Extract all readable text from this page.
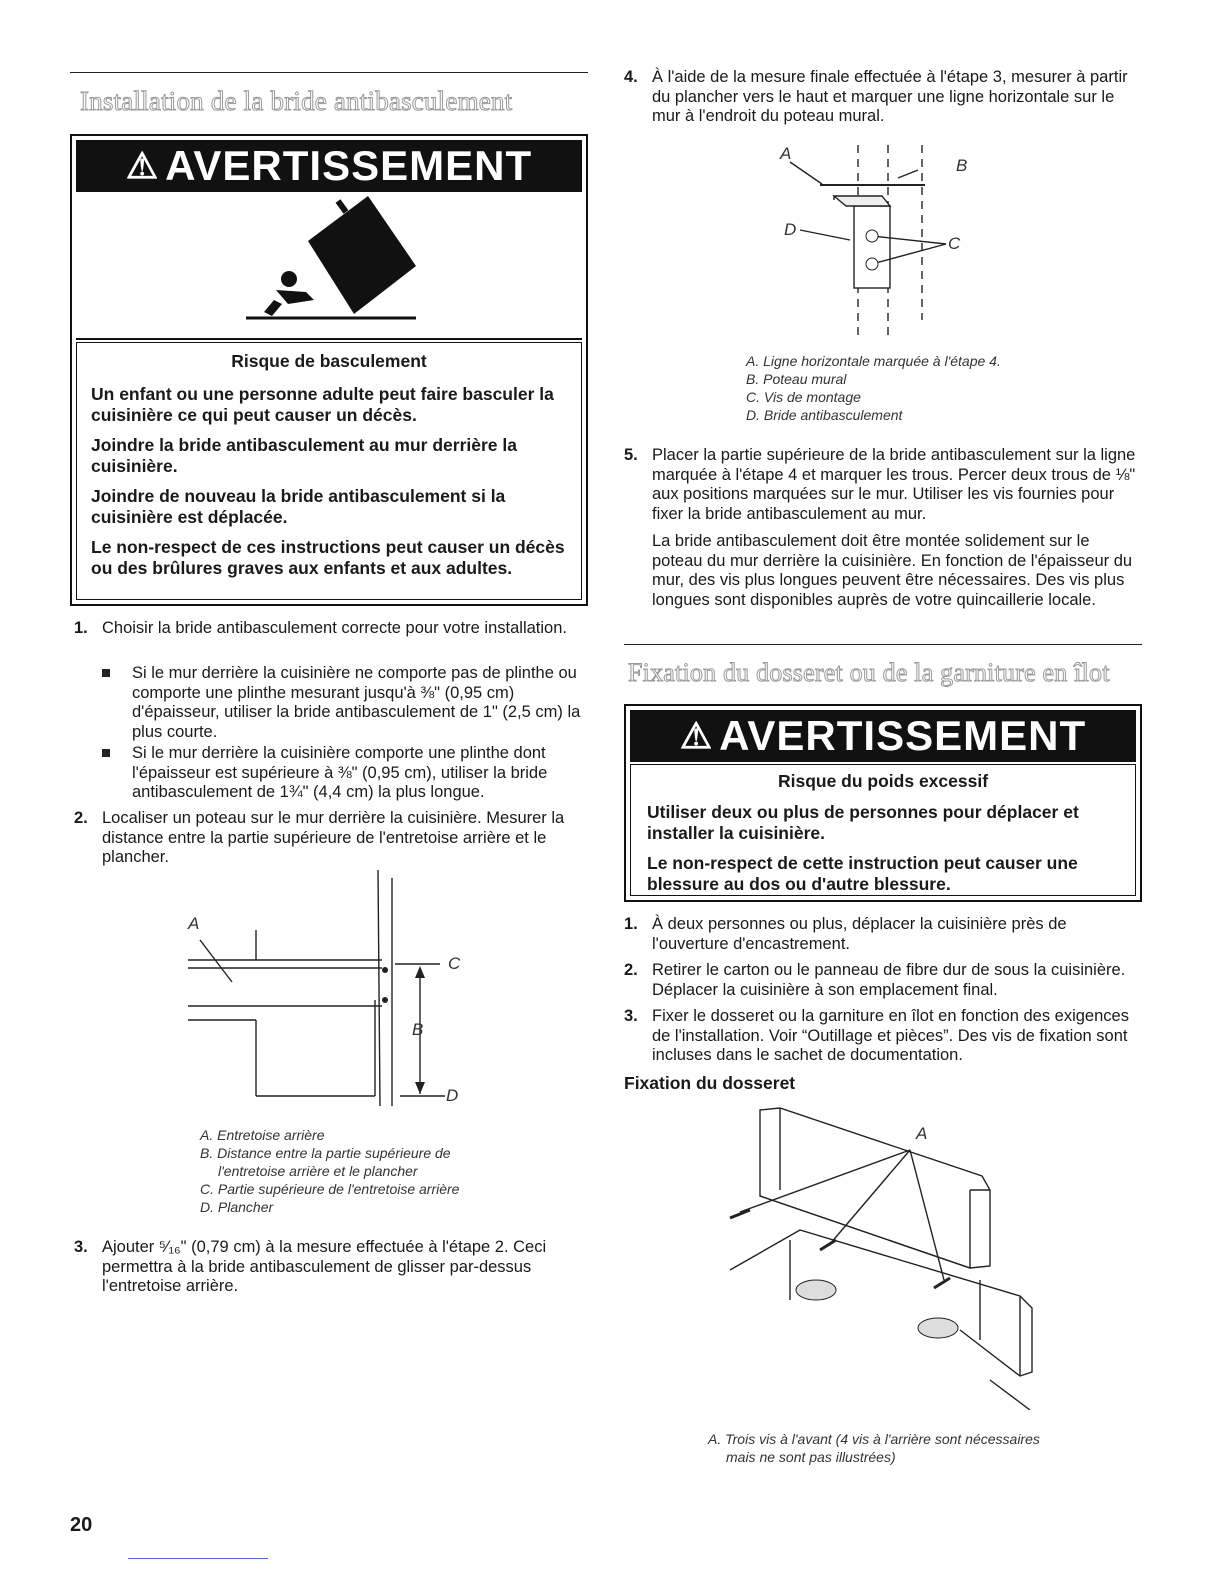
Installation de la bride antibasculement
⚠ AVERTISSEMENT
Risque de basculement

Un enfant ou une personne adulte peut faire basculer la cuisinière ce qui peut causer un décès.

Joindre la bride antibasculement au mur derrière la cuisinière.

Joindre de nouveau la bride antibasculement si la cuisinière est déplacée.

Le non-respect de ces instructions peut causer un décès ou des brûlures graves aux enfants et aux adultes.

1. Choisir la bride antibasculement correcte pour votre installation.
Si le mur derrière la cuisinière ne comporte pas de plinthe ou comporte une plinthe mesurant jusqu'à ⅜" (0,95 cm) d'épaisseur, utiliser la bride antibasculement de 1" (2,5 cm) la plus courte.
Si le mur derrière la cuisinière comporte une plinthe dont l'épaisseur est supérieure à ⅜" (0,95 cm), utiliser la bride antibasculement de 1¾" (4,4 cm) la plus longue.
2. Localiser un poteau sur le mur derrière la cuisinière. Mesurer la distance entre la partie supérieure de l'entretoise arrière et le plancher.
A
C
B
D
A. Entretoise arrière
B. Distance entre la partie supérieure de
l'entretoise arrière et le plancher
C. Partie supérieure de l'entretoise arrière
D. Plancher
3. Ajouter ⁵⁄₁₆" (0,79 cm) à la mesure effectuée à l'étape 2. Ceci permettra à la bride antibasculement de glisser par-dessus l'entretoise arrière.
20
4. À l'aide de la mesure finale effectuée à l'étape 3, mesurer à partir du plancher vers le haut et marquer une ligne horizontale sur le mur à l'endroit du poteau mural.
A
B
C
D
A. Ligne horizontale marquée à l'étape 4.
B. Poteau mural
C. Vis de montage
D. Bride antibasculement
5. Placer la partie supérieure de la bride antibasculement sur la ligne marquée à l'étape 4 et marquer les trous. Percer deux trous de ⅛" aux positions marquées sur le mur. Utiliser les vis fournies pour fixer la bride antibasculement au mur.
La bride antibasculement doit être montée solidement sur le poteau du mur derrière la cuisinière. En fonction de l'épaisseur du mur, des vis plus longues peuvent être nécessaires. Des vis plus longues sont disponibles auprès de votre quincaillerie locale.
Fixation du dosseret ou de la garniture en îlot
⚠ AVERTISSEMENT
Risque du poids excessif

Utiliser deux ou plus de personnes pour déplacer et installer la cuisinière.

Le non-respect de cette instruction peut causer une blessure au dos ou d'autre blessure.

1. À deux personnes ou plus, déplacer la cuisinière près de l'ouverture d'encastrement.
2. Retirer le carton ou le panneau de fibre dur de sous la cuisinière. Déplacer la cuisinière à son emplacement final.
3. Fixer le dosseret ou la garniture en îlot en fonction des exigences de l'installation. Voir “Outillage et pièces”. Des vis de fixation sont incluses dans le sachet de documentation.
Fixation du dosseret
A
A. Trois vis à l'avant (4 vis à l'arrière sont nécessaires
mais ne sont pas illustrées)
